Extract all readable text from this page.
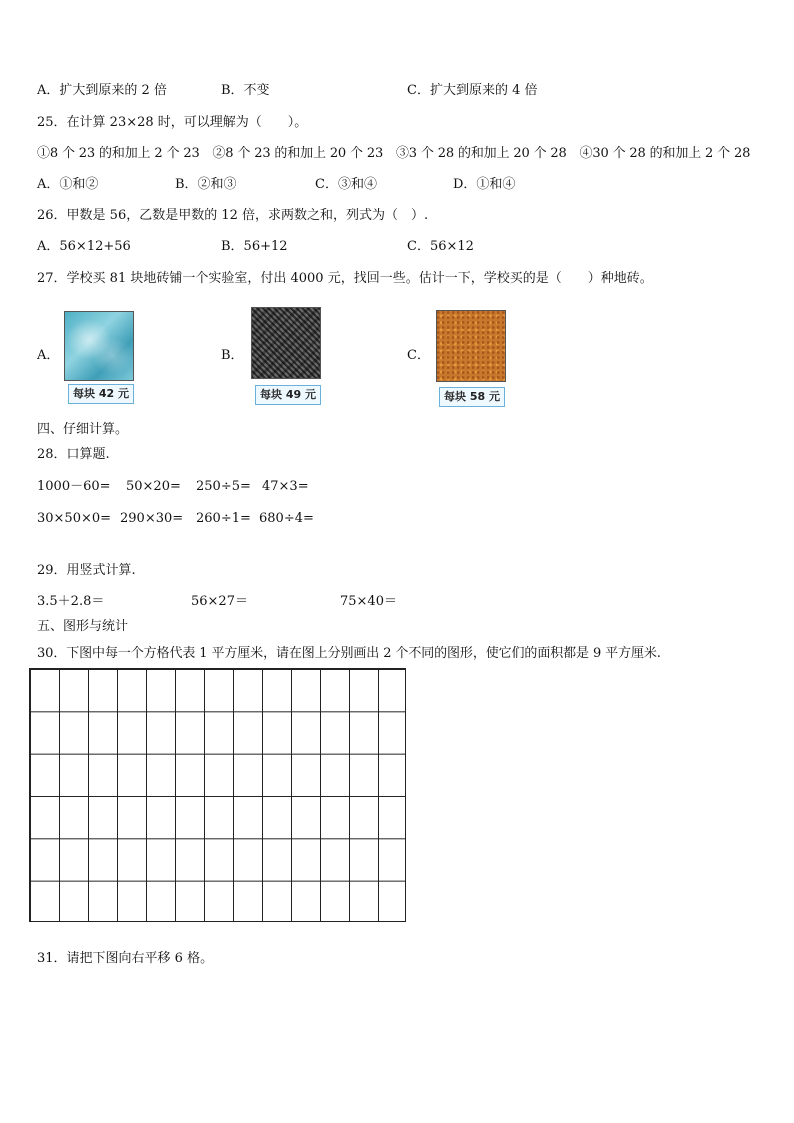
A．扩大到原来的 2 倍	B．不变	C．扩大到原来的 4 倍
25．在计算 23×28 时，可以理解为（　　）。
①8 个 23 的和加上 2 个 23　②8 个 23 的和加上 20 个 23　③3 个 28 的和加上 20 个 28　④30 个 28 的和加上 2 个 28
A．①和②	B．②和③	C．③和④	D．①和④
26．甲数是 56，乙数是甲数的 12 倍，求两数之和，列式为（　）.
A．56×12+56	B．56+12	C．56×12
27．学校买 81 块地砖铺一个实验室，付出 4000 元，找回一些。估计一下，学校买的是（　　）种地砖。
A．
每块 42 元
B．
每块 49 元
C．
每块 58 元
四、仔细计算。
28．口算题.
1000－60= 50×20= 250÷5= 47×3=
30×50×0= 290×30= 260÷1= 680÷4=
29．用竖式计算.
3.5＋2.8＝	56×27＝	75×40＝
五、图形与统计
30．下图中每一个方格代表 1 平方厘米，请在图上分别画出 2 个不同的图形，使它们的面积都是 9 平方厘米.
31．请把下图向右平移 6 格。
